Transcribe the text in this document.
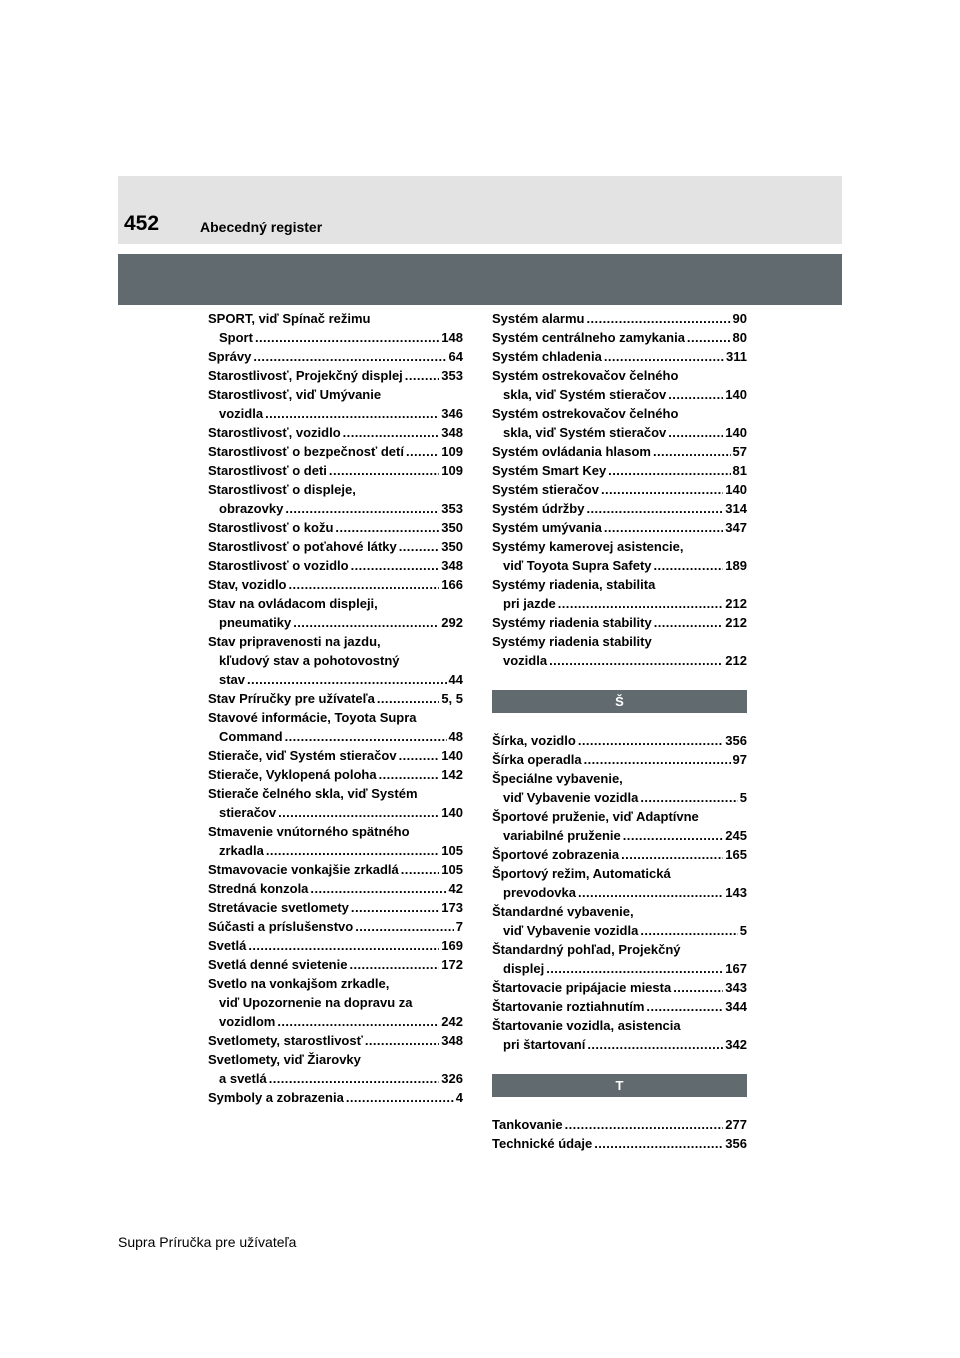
452	Abecedný register
SPORT, viď Spínač režimu
Sport . . .	148
Správy . . .	64
Starostlivosť, Projekčný displej . . .	353
Starostlivosť, viď Umývanie
vozidla . . .	346
Starostlivosť, vozidlo . . .	348
Starostlivosť o bezpečnosť detí . . .	109
Starostlivosť o deti . . .	109
Starostlivosť o displeje,
obrazovky . . .	353
Starostlivosť o kožu . . .	350
Starostlivosť o poťahové látky . . .	350
Starostlivosť o vozidlo . . .	348
Stav, vozidlo . . .	166
Stav na ovládacom displeji,
pneumatiky . . .	292
Stav pripravenosti na jazdu,
kľudový stav a pohotovostný
stav . . .	44
Stav Príručky pre užívateľa . . .	5, 5
Stavové informácie, Toyota Supra
Command . . .	48
Stierače, viď Systém stieračov . . .	140
Stierače, Vyklopená poloha . . .	142
Stierače čelného skla, viď Systém
stieračov . . .	140
Stmavenie vnútorného spätného
zrkadla . . .	105
Stmavovacie vonkajšie zrkadlá . . .	105
Stredná konzola . . .	42
Stretávacie svetlomety . . .	173
Súčasti a príslušenstvo . . .	7
Svetlá . . .	169
Svetlá denné svietenie . . .	172
Svetlo na vonkajšom zrkadle,
viď Upozornenie na dopravu za
vozidlom . . .	242
Svetlomety, starostlivosť . . .	348
Svetlomety, viď Žiarovky
a svetlá . . .	326
Symboly a zobrazenia . . .	4
Systém alarmu . . .	90
Systém centrálneho zamykania . . .	80
Systém chladenia . . .	311
Systém ostrekovačov čelného
skla, viď Systém stieračov . . .	140
Systém ostrekovačov čelného
skla, viď Systém stieračov . . .	140
Systém ovládania hlasom . . .	57
Systém Smart Key . . .	81
Systém stieračov . . .	140
Systém údržby . . .	314
Systém umývania . . .	347
Systémy kamerovej asistencie,
viď Toyota Supra Safety . . .	189
Systémy riadenia, stabilita
pri jazde . . .	212
Systémy riadenia stability . . .	212
Systémy riadenia stability
vozidla . . .	212
Š
Šírka, vozidlo . . .	356
Šírka operadla . . .	97
Špeciálne vybavenie,
viď Vybavenie vozidla . . .	5
Športové pruženie, viď Adaptívne
variabilné pruženie . . .	245
Športové zobrazenia . . .	165
Športový režim, Automatická
prevodovka . . .	143
Štandardné vybavenie,
viď Vybavenie vozidla . . .	5
Štandardný pohľad, Projekčný
displej . . .	167
Štartovacie pripájacie miesta . . .	343
Štartovanie roztiahnutím . . .	344
Štartovanie vozidla, asistencia
pri štartovaní . . .	342
T
Tankovanie . . .	277
Technické údaje . . .	356
Supra Príručka pre užívateľa
